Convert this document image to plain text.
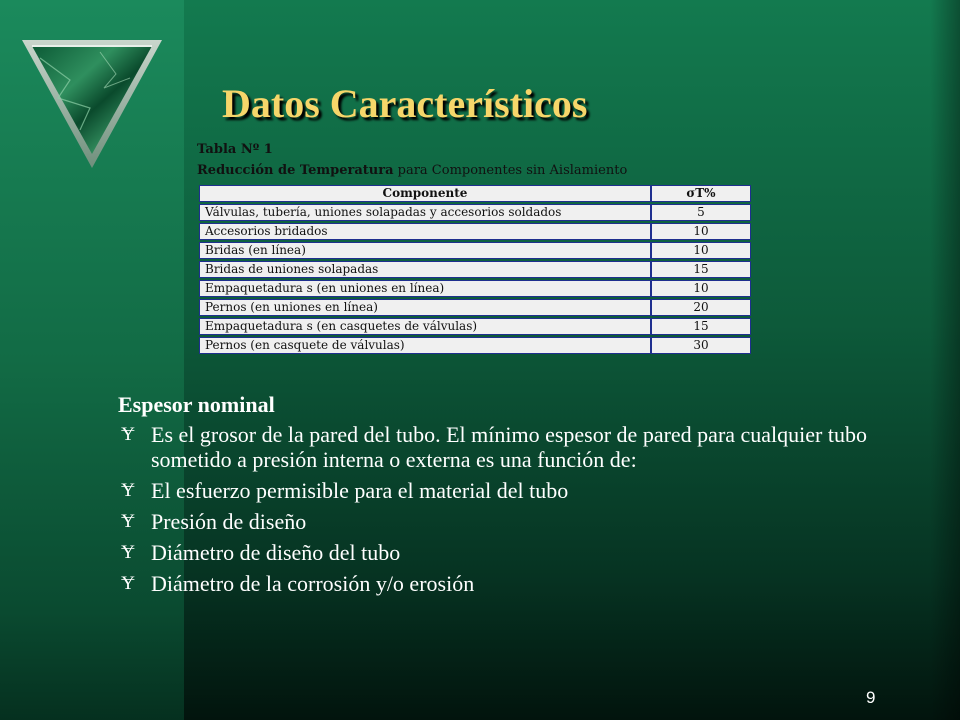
Datos Característicos
Tabla Nº 1
Reducción de Temperatura para Componentes sin Aislamiento
Componente	σT%
Válvulas, tubería, uniones solapadas y accesorios soldados	5
Accesorios bridados	10
Bridas (en línea)	10
Bridas de uniones solapadas	15
Empaquetadura s (en uniones en línea)	10
Pernos (en uniones en línea)	20
Empaquetadura s (en casquetes de válvulas)	15
Pernos (en casquete de válvulas)	30
Espesor nominal
Ɏ Es el grosor de la pared del tubo. El mínimo espesor de pared para cualquier tubo sometido a presión interna o externa es una función de:
Ɏ El esfuerzo permisible para el material del tubo
Ɏ Presión de diseño
Ɏ Diámetro de diseño del tubo
Ɏ Diámetro de la corrosión y/o erosión
9
